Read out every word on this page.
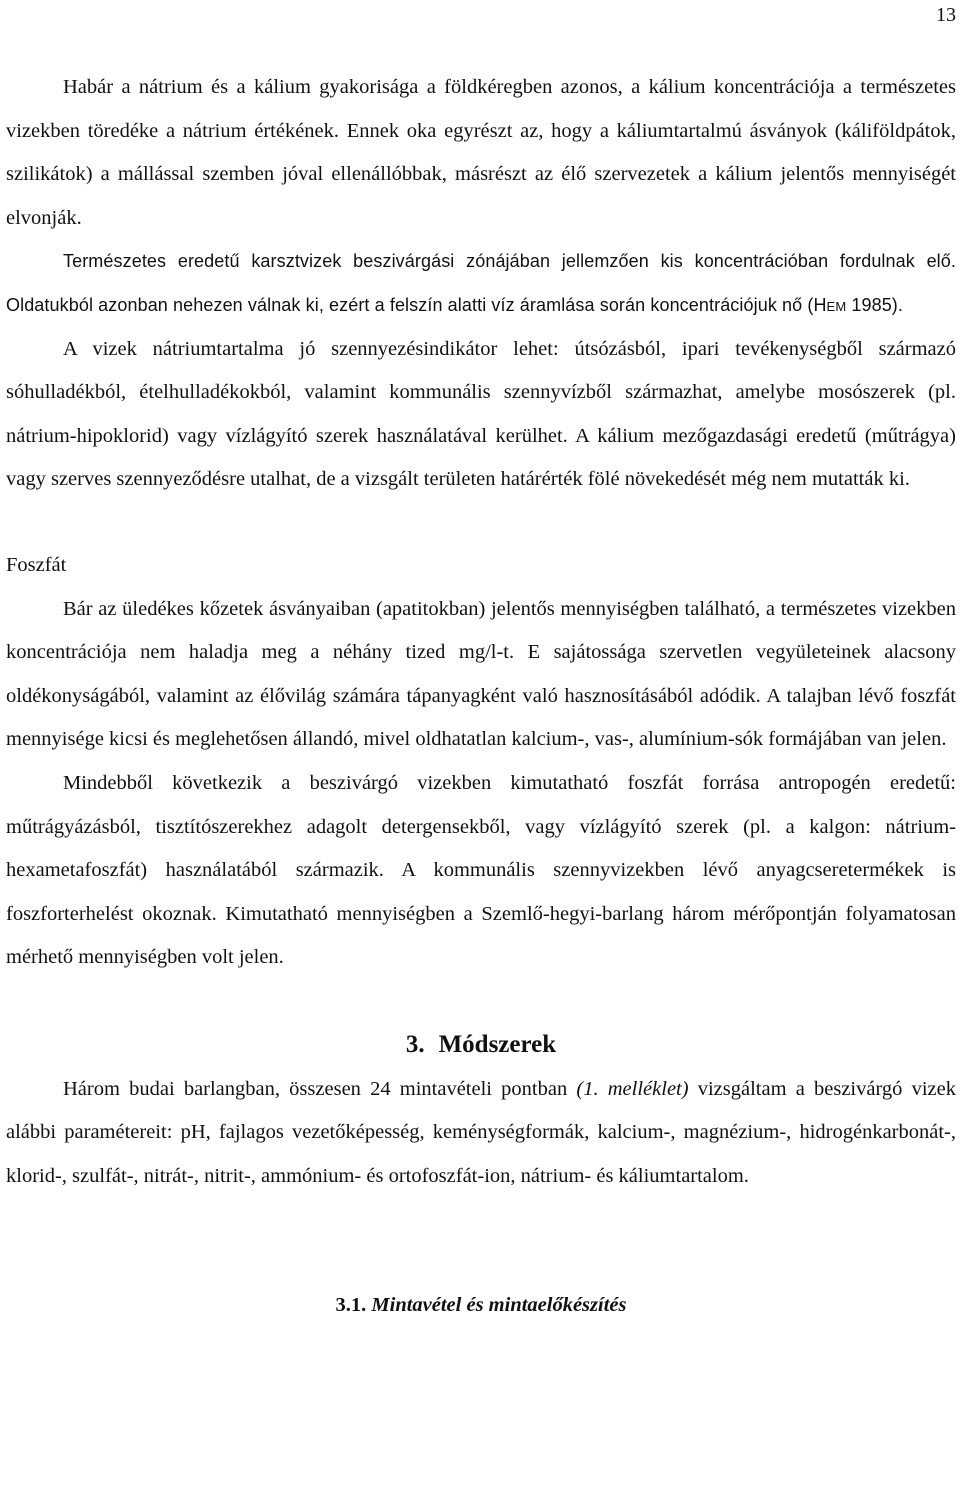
13

Habár a nátrium és a kálium gyakorisága a földkéregben azonos, a kálium koncentrációja a természetes vizekben töredéke a nátrium értékének. Ennek oka egyrészt az, hogy a káliumtartalmú ásványok (káliföldpátok, szilikátok) a mállással szemben jóval ellenállóbbak, másrészt az élő szervezetek a kálium jelentős mennyiségét elvonják.

Természetes eredetű karsztvizek beszivárgási zónájában jellemzően kis koncentrációban fordulnak elő. Oldatukból azonban nehezen válnak ki, ezért a felszín alatti víz áramlása során koncentrációjuk nő (Hem 1985).

A vizek nátriumtartalma jó szennyezésindikátor lehet: útsózásból, ipari tevékenységből származó sóhulladékból, ételhulladékokból, valamint kommunális szennyvízből származhat, amelybe mosószerek (pl. nátrium-hipoklorid) vagy vízlágyító szerek használatával kerülhet. A kálium mezőgazdasági eredetű (műtrágya) vagy szerves szennyeződésre utalhat, de a vizsgált területen határérték fölé növekedését még nem mutatták ki.

Foszfát

Bár az üledékes kőzetek ásványaiban (apatitokban) jelentős mennyiségben található, a természetes vizekben koncentrációja nem haladja meg a néhány tized mg/l-t. E sajátossága szervetlen vegyületeinek alacsony oldékonyságából, valamint az élővilág számára tápanyagként való hasznosításából adódik. A talajban lévő foszfát mennyisége kicsi és meglehetősen állandó, mivel oldhatatlan kalcium-, vas-, alumínium-sók formájában van jelen.

Mindebből következik a beszivárgó vizekben kimutatható foszfát forrása antropogén eredetű: műtrágyázásból, tisztítószerekhez adagolt detergensekből, vagy vízlágyító szerek (pl. a kalgon: nátrium-hexametafoszfát) használatából származik. A kommunális szennyvizekben lévő anyagcseretermékek is foszforterhelést okoznak. Kimutatható mennyiségben a Szemlő-hegyi-barlang három mérőpontján folyamatosan mérhető mennyiségben volt jelen.

3. Módszerek

Három budai barlangban, összesen 24 mintavételi pontban (1. melléklet) vizsgáltam a beszivárgó vizek alábbi paramétereit: pH, fajlagos vezetőképesség, keménységformák, kalcium-, magnézium-, hidrogénkarbonát-, klorid-, szulfát-, nitrát-, nitrit-, ammónium- és ortofoszfát-ion, nátrium- és káliumtartalom.

3.1. Mintavétel és mintaelőkészítés
